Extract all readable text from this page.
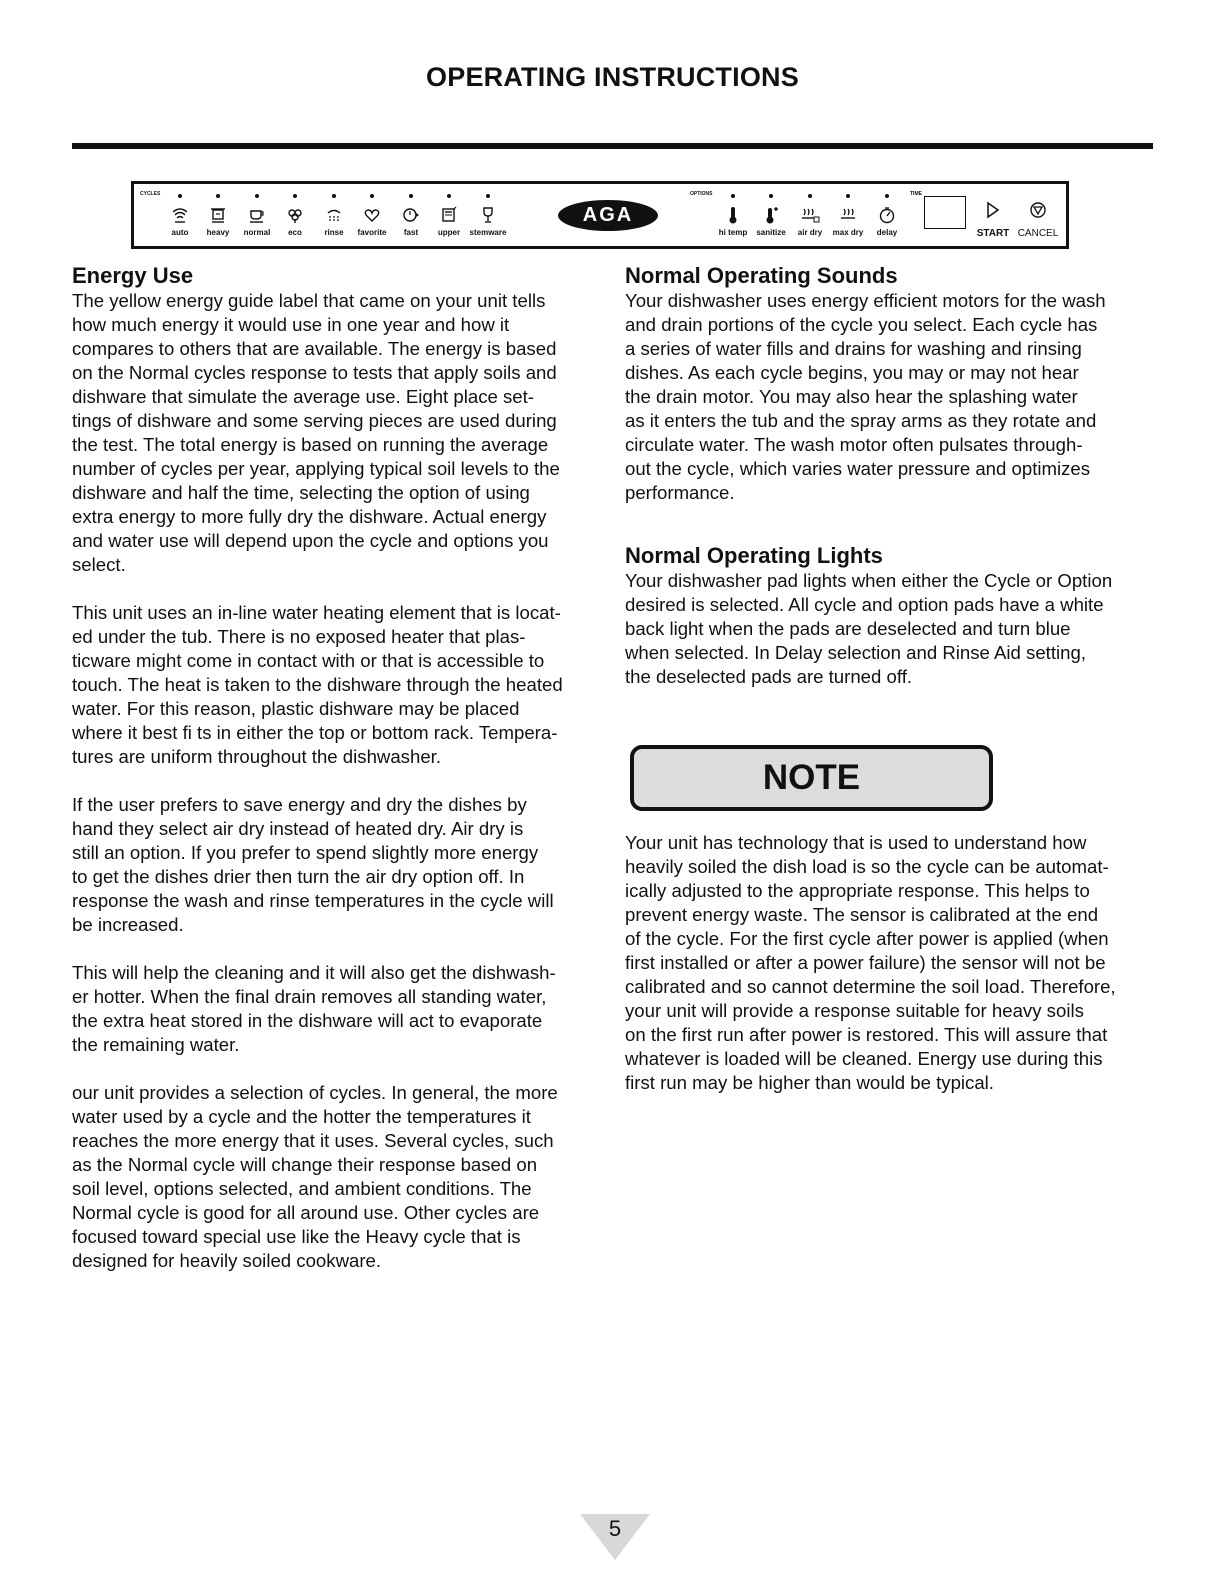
OPERATING INSTRUCTIONS
CYCLES
auto	heavy	normal	eco	rinse	favorite	fast	upper	stemware
AGA
OPTIONS
hi temp	sanitize	air dry	max dry	delay
TIME
START CANCEL
Energy Use

The yellow energy guide label that came on your unit tells
how much energy it would use in one year and how it
compares to others that are available. The energy is based
on the Normal cycles response to tests that apply soils and
dishware that simulate the average use. Eight place set-
tings of dishware and some serving pieces are used during
the test. The total energy is based on running the average
number of cycles per year, applying typical soil levels to the
dishware and half the time, selecting the option of using
extra energy to more fully dry the dishware. Actual energy
and water use will depend upon the cycle and options you
select.

This unit uses an in-line water heating element that is locat-
ed under the tub. There is no exposed heater that plas-
ticware might come in contact with or that is accessible to
touch. The heat is taken to the dishware through the heated
water. For this reason, plastic dishware may be placed
where it best fi ts in either the top or bottom rack. Tempera-
tures are uniform throughout the dishwasher.

If the user prefers to save energy and dry the dishes by
hand they select air dry instead of heated dry. Air dry is
still an option. If you prefer to spend slightly more energy
to get the dishes drier then turn the air dry option off. In
response the wash and rinse temperatures in the cycle will
be increased.

This will help the cleaning and it will also get the dishwash-
er hotter. When the final drain removes all standing water,
the extra heat stored in the dishware will act to evaporate
the remaining water.

our unit provides a selection of cycles. In general, the more
water used by a cycle and the hotter the temperatures it
reaches the more energy that it uses. Several cycles, such
as the Normal cycle will change their response based on
soil level, options selected, and ambient conditions. The
Normal cycle is good for all around use. Other cycles are
focused toward special use like the Heavy cycle that is
designed for heavily soiled cookware.

Normal Operating Sounds

Your dishwasher uses energy efficient motors for the wash
and drain portions of the cycle you select. Each cycle has
a series of water fills and drains for washing and rinsing
dishes. As each cycle begins, you may or may not hear
the drain motor. You may also hear the splashing water
as it enters the tub and the spray arms as they rotate and
circulate water. The wash motor often pulsates through-
out the cycle, which varies water pressure and optimizes
performance.

Normal Operating Lights

Your dishwasher pad lights when either the Cycle or Option
desired is selected. All cycle and option pads have a white
back light when the pads are deselected and turn blue
when selected. In Delay selection and Rinse Aid setting,
the deselected pads are turned off.

NOTE

Your unit has technology that is used to understand how
heavily soiled the dish load is so the cycle can be automat-
ically adjusted to the appropriate response. This helps to
prevent energy waste. The sensor is calibrated at the end
of the cycle. For the first cycle after power is applied (when
first installed or after a power failure) the sensor will not be
calibrated and so cannot determine the soil load. Therefore,
your unit will provide a response suitable for heavy soils
on the first run after power is restored. This will assure that
whatever is loaded will be cleaned. Energy use during this
first run may be higher than would be typical.

5
